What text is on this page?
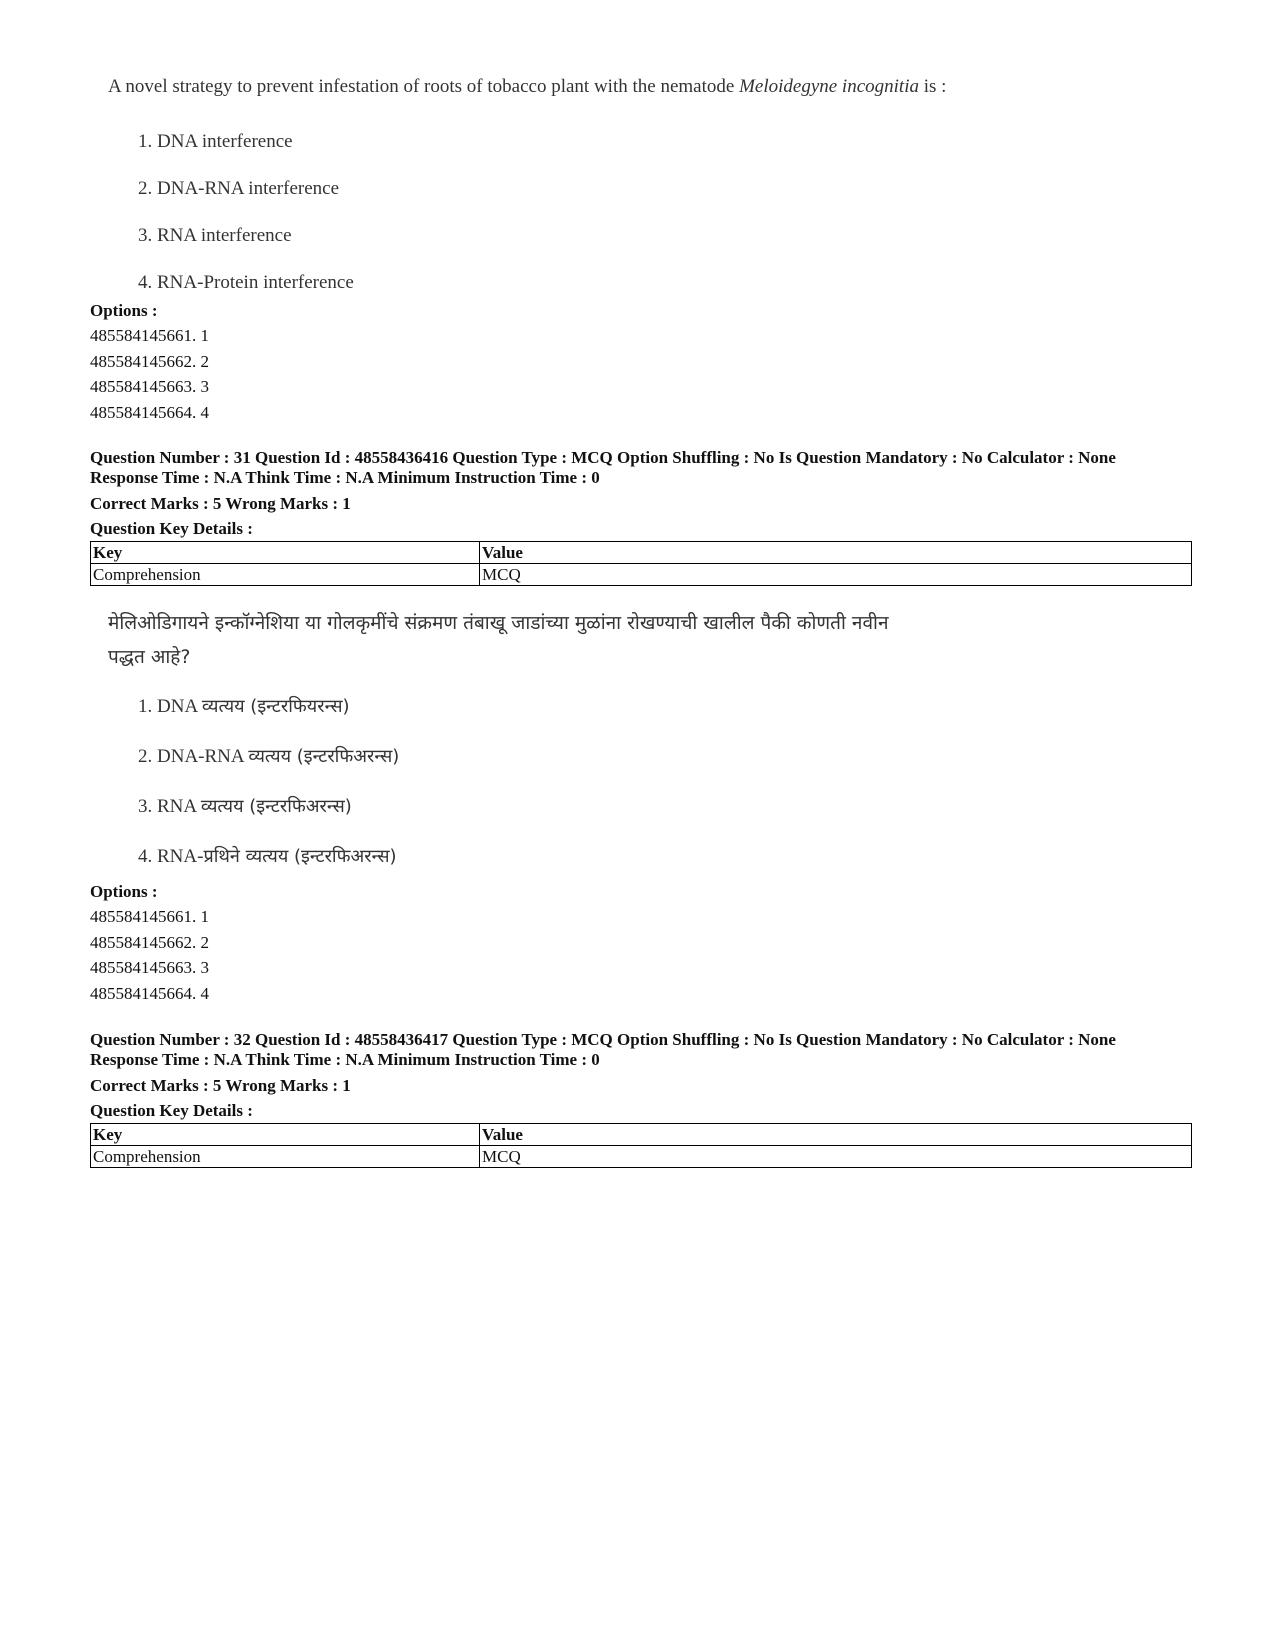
A novel strategy to prevent infestation of roots of tobacco plant with the nematode Meloidegyne incognitia is :

1. DNA interference

2. DNA-RNA interference

3. RNA interference

4. RNA-Protein interference

Options :

485584145661. 1

485584145662. 2

485584145663. 3

485584145664. 4

Question Number : 31 Question Id : 48558436416 Question Type : MCQ Option Shuffling : No Is Question Mandatory : No Calculator : None

Response Time : N.A Think Time : N.A Minimum Instruction Time : 0

Correct Marks : 5 Wrong Marks : 1

Question Key Details :

Key	Value
Comprehension	MCQ

मेलिओडिगायने इन्कॉग्नेशिया या गोलकृमींचे संक्रमण तंबाखू जाडांच्या मुळांना रोखण्याची खालील पैकी कोणती नवीन

पद्धत आहे?

1. DNA व्यत्यय (इन्टरफियरन्स)

2. DNA-RNA व्यत्यय (इन्टरफिअरन्स)

3. RNA व्यत्यय (इन्टरफिअरन्स)

4. RNA-प्रथिने व्यत्यय (इन्टरफिअरन्स)

Options :

485584145661. 1

485584145662. 2

485584145663. 3

485584145664. 4

Question Number : 32 Question Id : 48558436417 Question Type : MCQ Option Shuffling : No Is Question Mandatory : No Calculator : None

Response Time : N.A Think Time : N.A Minimum Instruction Time : 0

Correct Marks : 5 Wrong Marks : 1

Question Key Details :

Key	Value
Comprehension	MCQ
